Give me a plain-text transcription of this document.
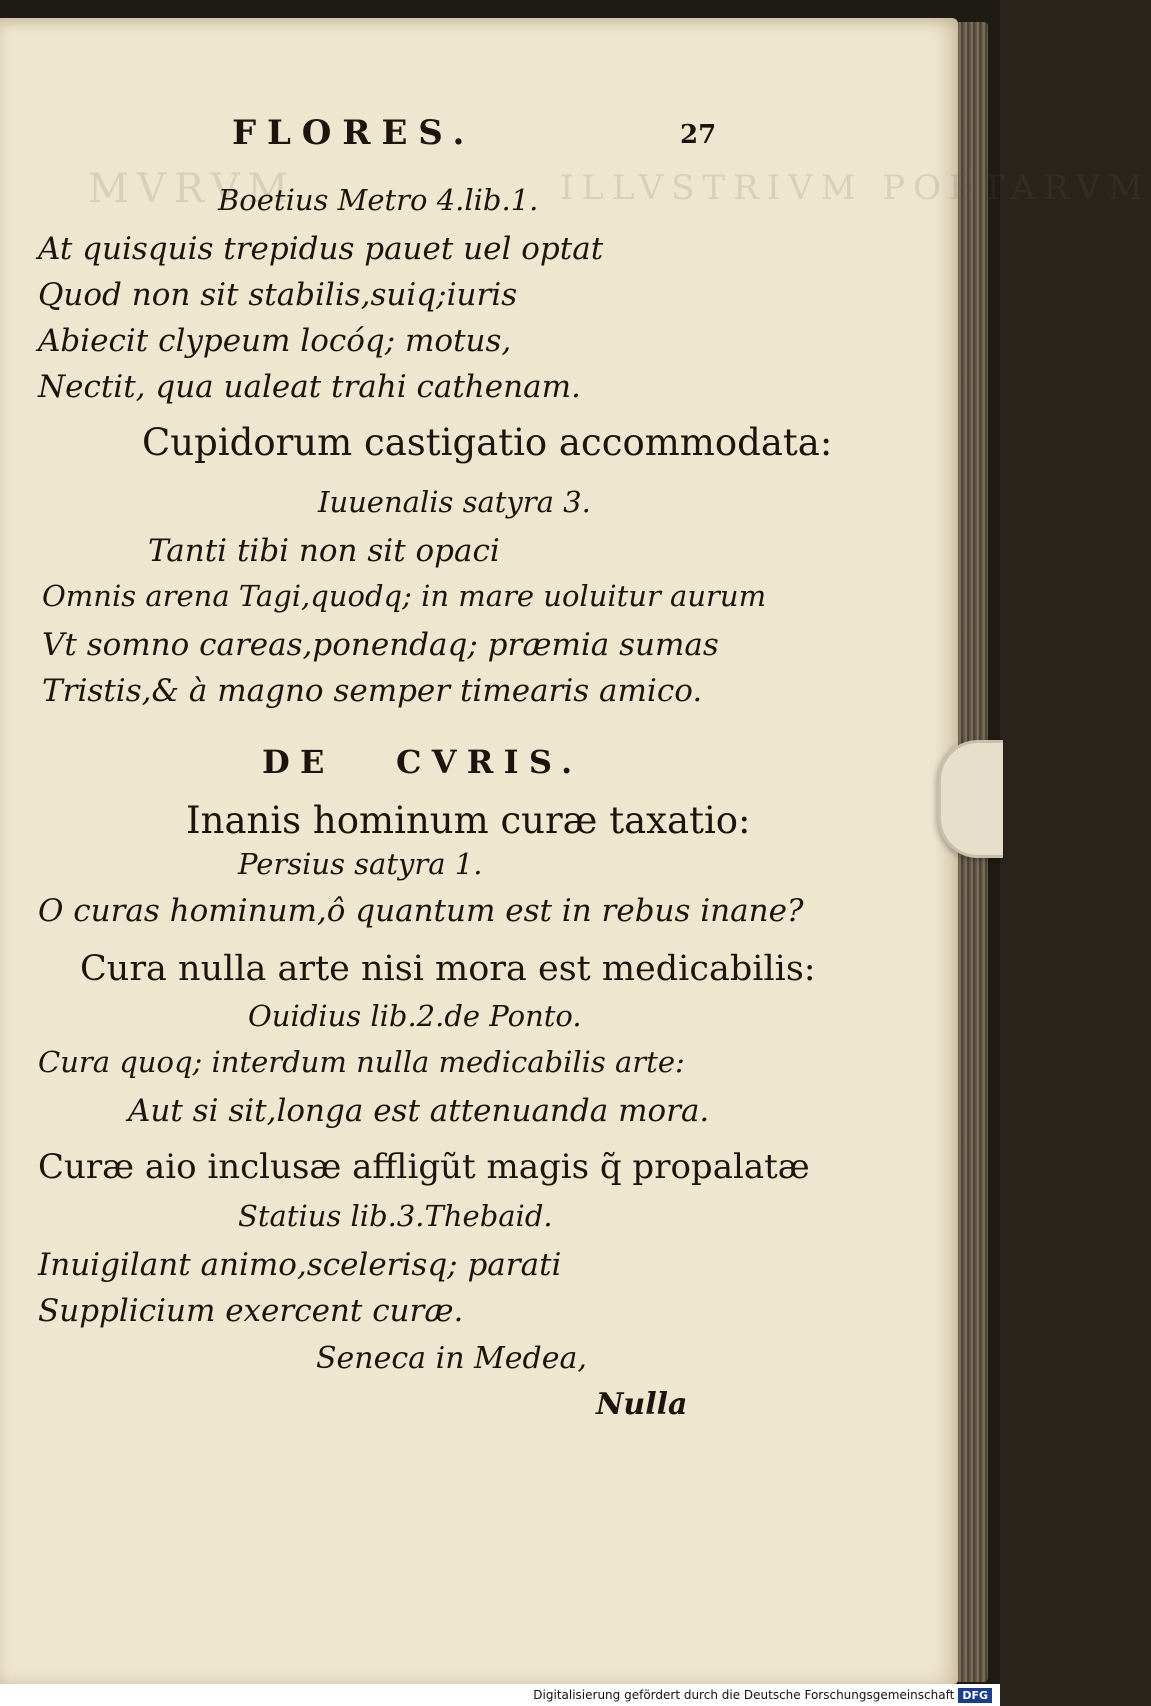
MVRVM	ILLVSTRIVM POETARVM
FLORES.	27
Boetius Metro 4.lib.1.
At quisquis trepidus pauet uel optat
Quod non sit stabilis,suiq;iuris
Abiecit clypeum locóq; motus,
Nectit, qua ualeat trahi cathenam.
Cupidorum castigatio accommodata:
Iuuenalis satyra 3.
Tanti tibi non sit opaci
Omnis arena Tagi,quodq; in mare uoluitur aurum
Vt somno careas,ponendaq; præmia sumas
Tristis,& à magno semper timearis amico.
DE CVRIS.
Inanis hominum curæ taxatio:
Persius satyra 1.
O curas hominum,ô quantum est in rebus inane?
Cura nulla arte nisi mora est medicabilis:
Ouidius lib.2.de Ponto.
Cura quoq; interdum nulla medicabilis arte:
Aut si sit,longa est attenuanda mora.
Curæ aio inclusæ affligũt magis q̃ propalatæ
Statius lib.3.Thebaid.
Inuigilant animo,scelerisq; parati
Supplicium exercent curæ.
Seneca in Medea,
Nulla
Digitalisierung gefördert durch die Deutsche Forschungsgemeinschaft DFG
